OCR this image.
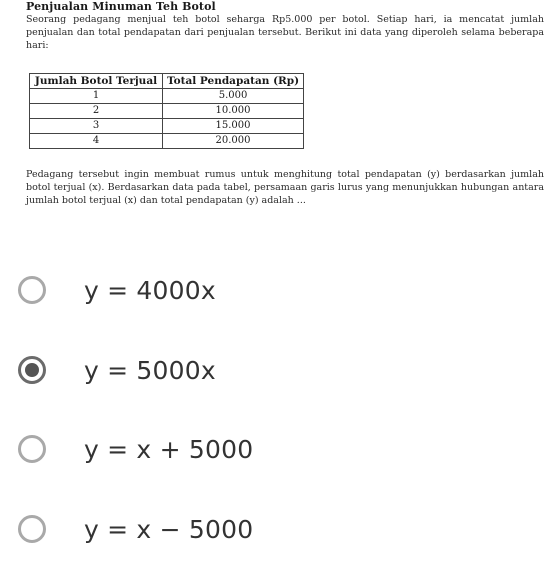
Penjualan Minuman Teh Botol

Seorang pedagang menjual teh botol seharga Rp5.000 per botol. Setiap hari, ia mencatat jumlah penjualan dan total pendapatan dari penjualan tersebut. Berikut ini data yang diperoleh selama beberapa hari:

Jumlah Botol Terjual	Total Pendapatan (Rp)
1	5.000
2	10.000
3	15.000
4	20.000

Pedagang tersebut ingin membuat rumus untuk menghitung total pendapatan (y) berdasarkan jumlah botol terjual (x). Berdasarkan data pada tabel, persamaan garis lurus yang menunjukkan hubungan antara jumlah botol terjual (x) dan total pendapatan (y) adalah ...

y = 4000x
y = 5000x
y = x + 5000
y = x − 5000
